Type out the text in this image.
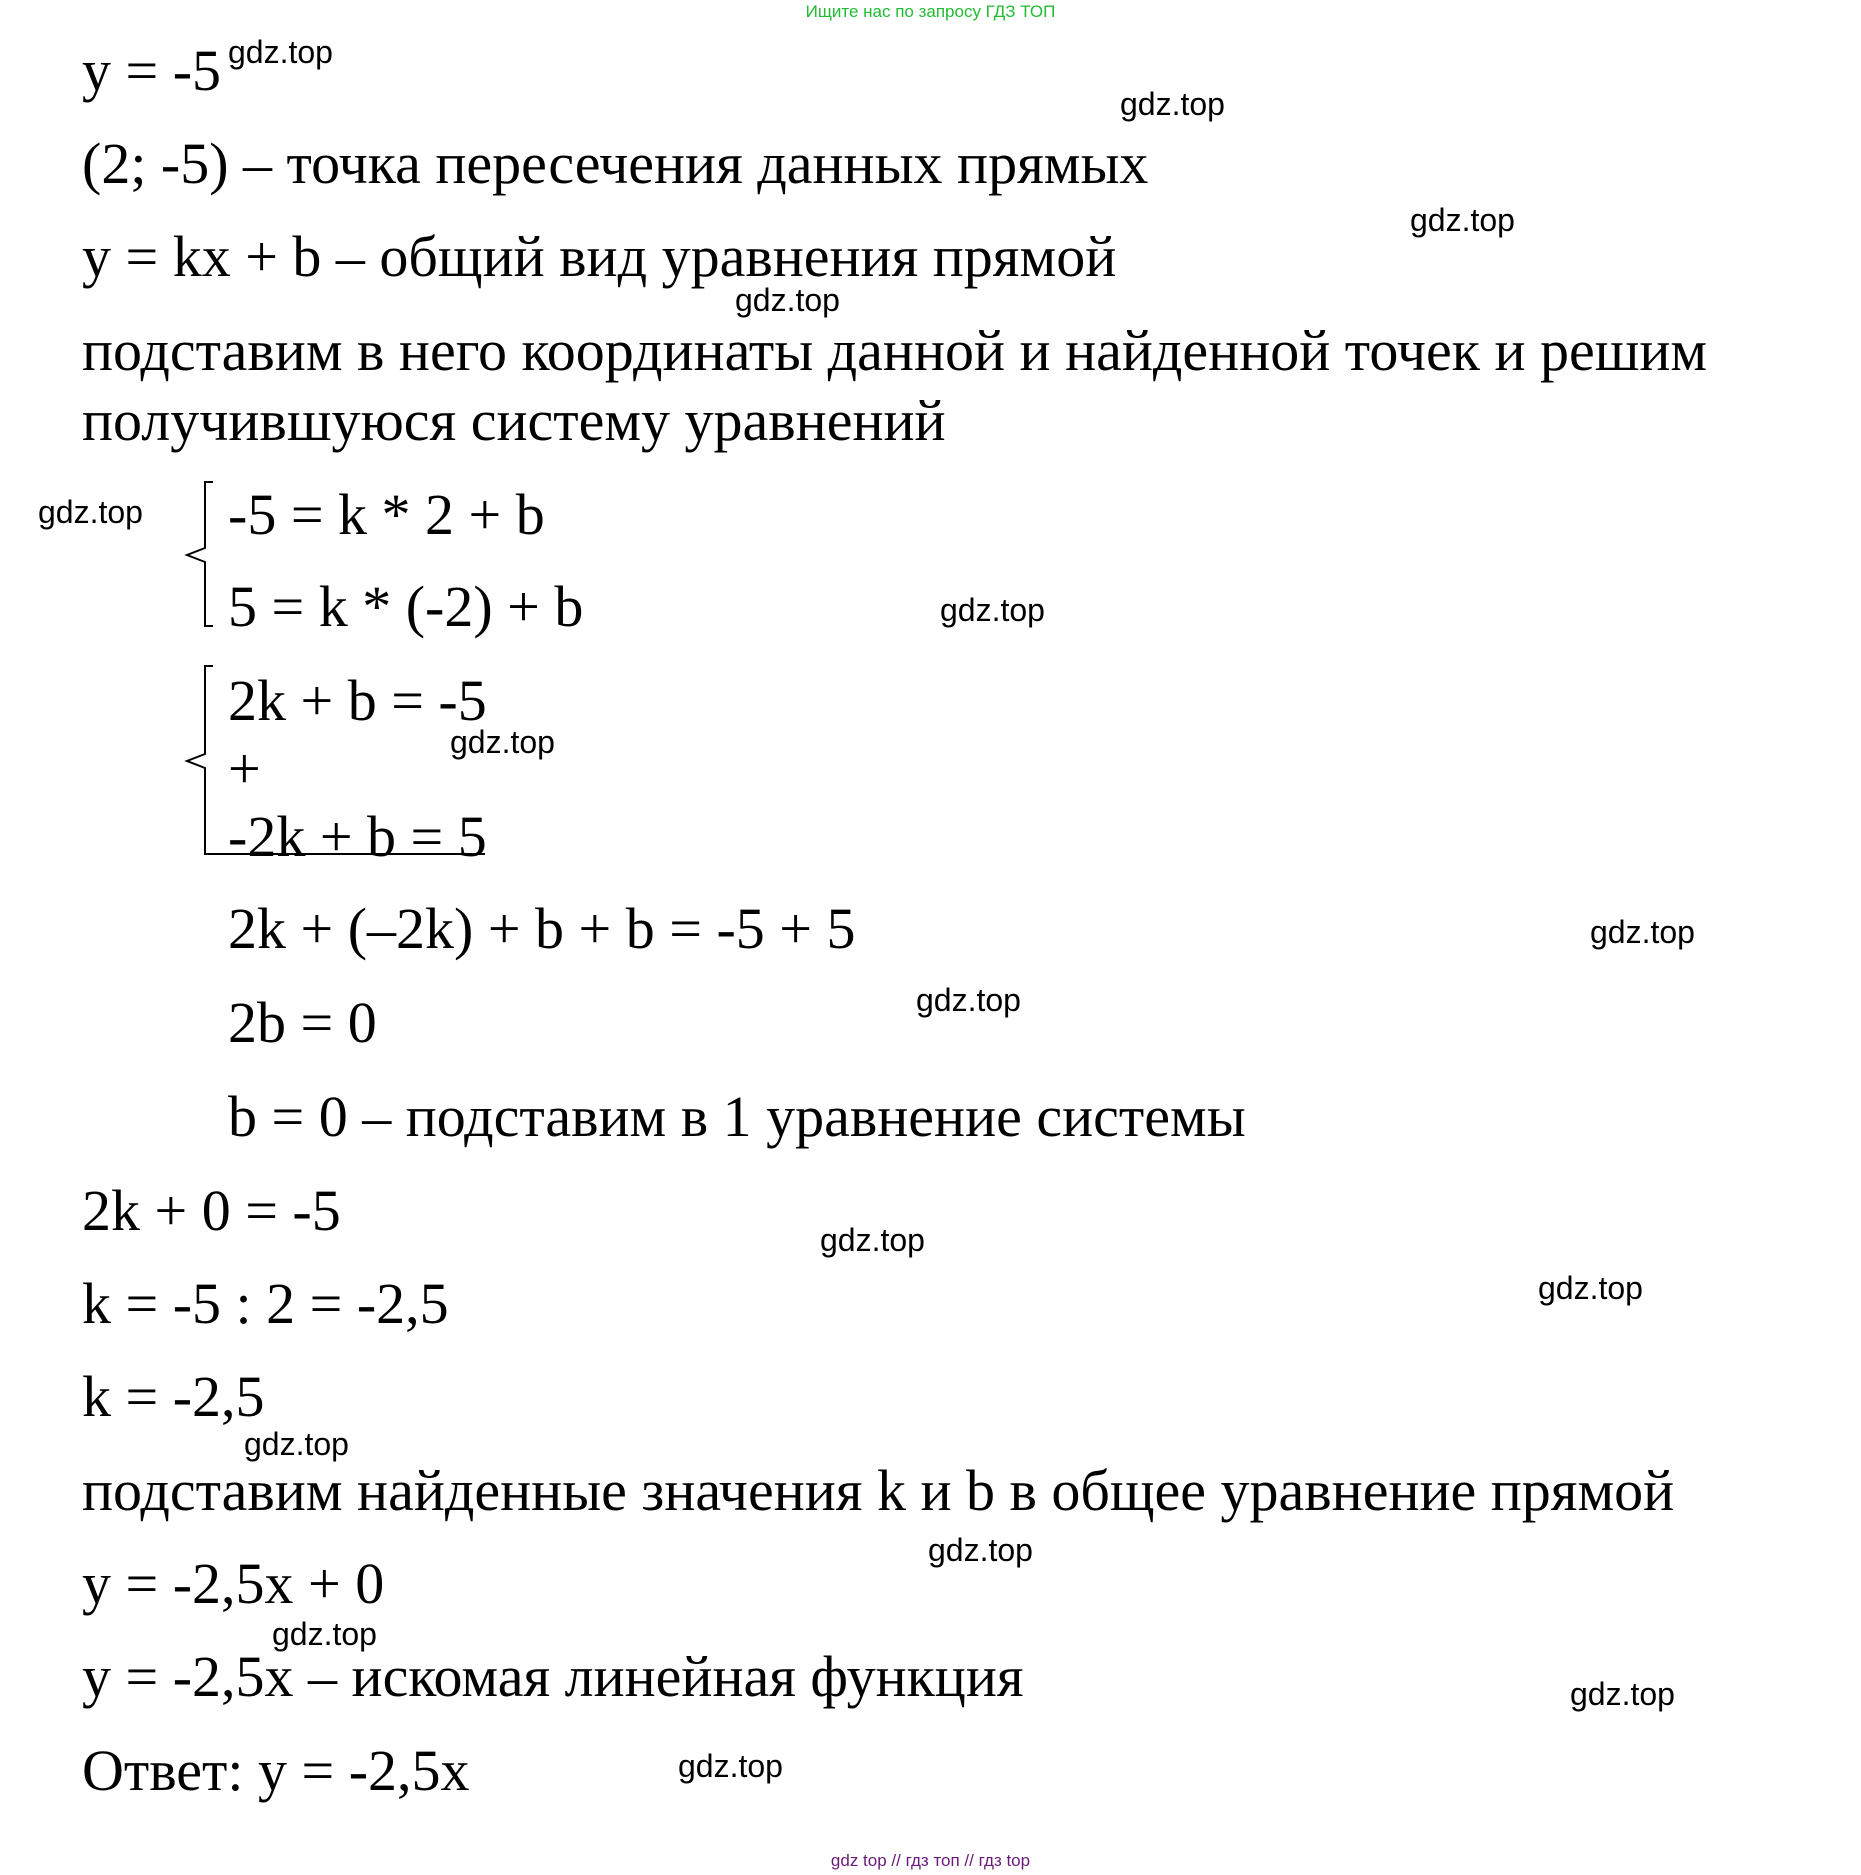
Ищите нас по запросу ГДЗ ТОП
y = -5
(2; -5) – точка пересечения данных прямых
y = kx + b – общий вид уравнения прямой
подставим в него координаты данной и найденной точек и решим
получившуюся систему уравнений
-5 = k * 2 + b
5 = k * (-2) + b
2k + b = -5
+
-2k + b = 5
2k + (–2k) + b + b = -5 + 5
2b = 0
b = 0 – подставим в 1 уравнение системы
2k + 0 = -5
k = -5 : 2 = -2,5
k = -2,5
подставим найденные значения k и b в общее уравнение прямой
y = -2,5x + 0
y = -2,5x – искомая линейная функция
Ответ: y = -2,5x
gdz.top
gdz.top
gdz.top
gdz.top
gdz.top
gdz.top
gdz.top
gdz.top
gdz.top
gdz.top
gdz.top
gdz.top
gdz.top
gdz.top
gdz.top
gdz.top
gdz top // гдз топ // гдз top
